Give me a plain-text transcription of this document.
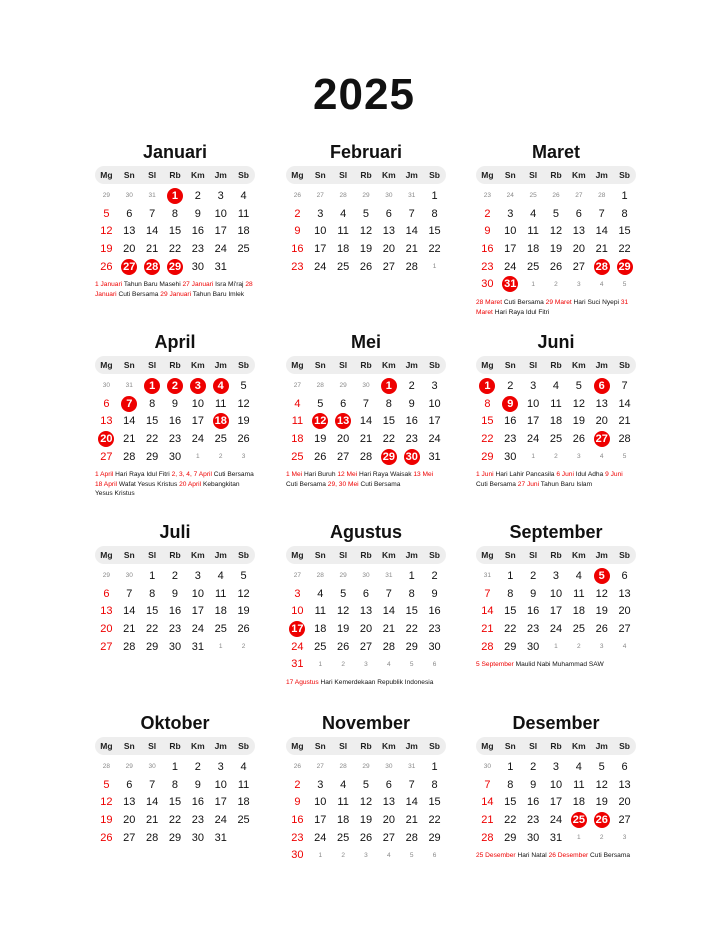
2025
Januari
Mg	Sn	Sl	Rb	Km	Jm	Sb
29 30 31	1	2 3 4
5 6 7 8 9 10 11
12 13 14 15 16 17 18
19 20 21 22 23 24 25
26 27 28 29 30 31
1 Januari Tahun Baru Masehi 27 Januari Isra Mi'raj 28 Januari Cuti Bersama 29 Januari Tahun Baru Imlek
Februari
Mg	Sn	Sl	Rb	Km	Jm	Sb
26 27 28 29 30 31 1
2 3 4 5 6 7 8
9 10 11 12 13 14 15
16 17 18 19 20 21 22
23 24 25 26 27 28 1
Maret
Mg	Sn	Sl	Rb	Km	Jm	Sb
23 24 25 26 27 28 1
2 3 4 5 6 7 8
9 10 11 12 13 14 15
16 17 18 19 20 21 22
23 24 25 26 27 28 29
30 31 1	2	3	4	5
28 Maret Cuti Bersama 29 Maret Hari Suci Nyepi 31 Maret Hari Raya Idul Fitri
April
Mg	Sn	Sl	Rb	Km	Jm	Sb
30 31	1	2	3	4	5
6	7	8 9 10 11 12
13 14 15 16 17 18 19
20 21 22 23 24 25 26
27 28 29 30 1	2	3
1 April Hari Raya Idul Fitri 2, 3, 4, 7 April Cuti Bersama 18 April Wafat Yesus Kristus 20 April Kebangkitan Yesus Kristus
Mei
Mg	Sn	Sl	Rb	Km	Jm	Sb
27 28 29 30	1	2 3
4 5 6 7 8 9 10
11 12 13 14 15 16 17
18 19 20 21 22 23 24
25 26 27 28 29 30 31
1 Mei Hari Buruh 12 Mei Hari Raya Waisak 13 Mei Cuti Bersama 29, 30 Mei Cuti Bersama
Juni
Mg	Sn	Sl	Rb	Km	Jm	Sb
1	2 3 4 5	6	7
8	9	10 11 12 13 14
15 16 17 18 19 20 21
22 23 24 25 26 27 28
29 30 1	2	3	4	5
1 Juni Hari Lahir Pancasila 6 Juni Idul Adha 9 Juni Cuti Bersama 27 Juni Tahun Baru Islam
Juli
Mg	Sn	Sl	Rb	Km	Jm	Sb
29 30 1 2 3 4 5
6 7 8 9 10 11 12
13 14 15 16 17 18 19
20 21 22 23 24 25 26
27 28 29 30 31 1	2
Agustus
Mg	Sn	Sl	Rb	Km	Jm	Sb
27 28 29 30 31 1 2
3 4 5 6 7 8 9
10 11 12 13 14 15 16
17 18 19 20 21 22 23
24 25 26 27 28 29 30
31 1	2	3	4	5	6
17 Agustus Hari Kemerdekaan Republik Indonesia
September
Mg	Sn	Sl	Rb	Km	Jm	Sb
31 1 2 3 4	5	6
7 8 9 10 11 12 13
14 15 16 17 18 19 20
21 22 23 24 25 26 27
28 29 30 1	2	3	4
5 September Maulid Nabi Muhammad SAW
Oktober
Mg	Sn	Sl	Rb	Km	Jm	Sb
28 29 30 1 2 3 4
5 6 7 8 9 10 11
12 13 14 15 16 17 18
19 20 21 22 23 24 25
26 27 28 29 30 31
November
Mg	Sn	Sl	Rb	Km	Jm	Sb
26 27 28 29 30 31 1
2 3 4 5 6 7 8
9 10 11 12 13 14 15
16 17 18 19 20 21 22
23 24 25 26 27 28 29
30 1	2	3	4	5	6
Desember
Mg	Sn	Sl	Rb	Km	Jm	Sb
30 1 2 3 4 5 6
7 8 9 10 11 12 13
14 15 16 17 18 19 20
21 22 23 24 25 26 27
28 29 30 31 1	2	3
25 Desember Hari Natal 26 Desember Cuti Bersama
